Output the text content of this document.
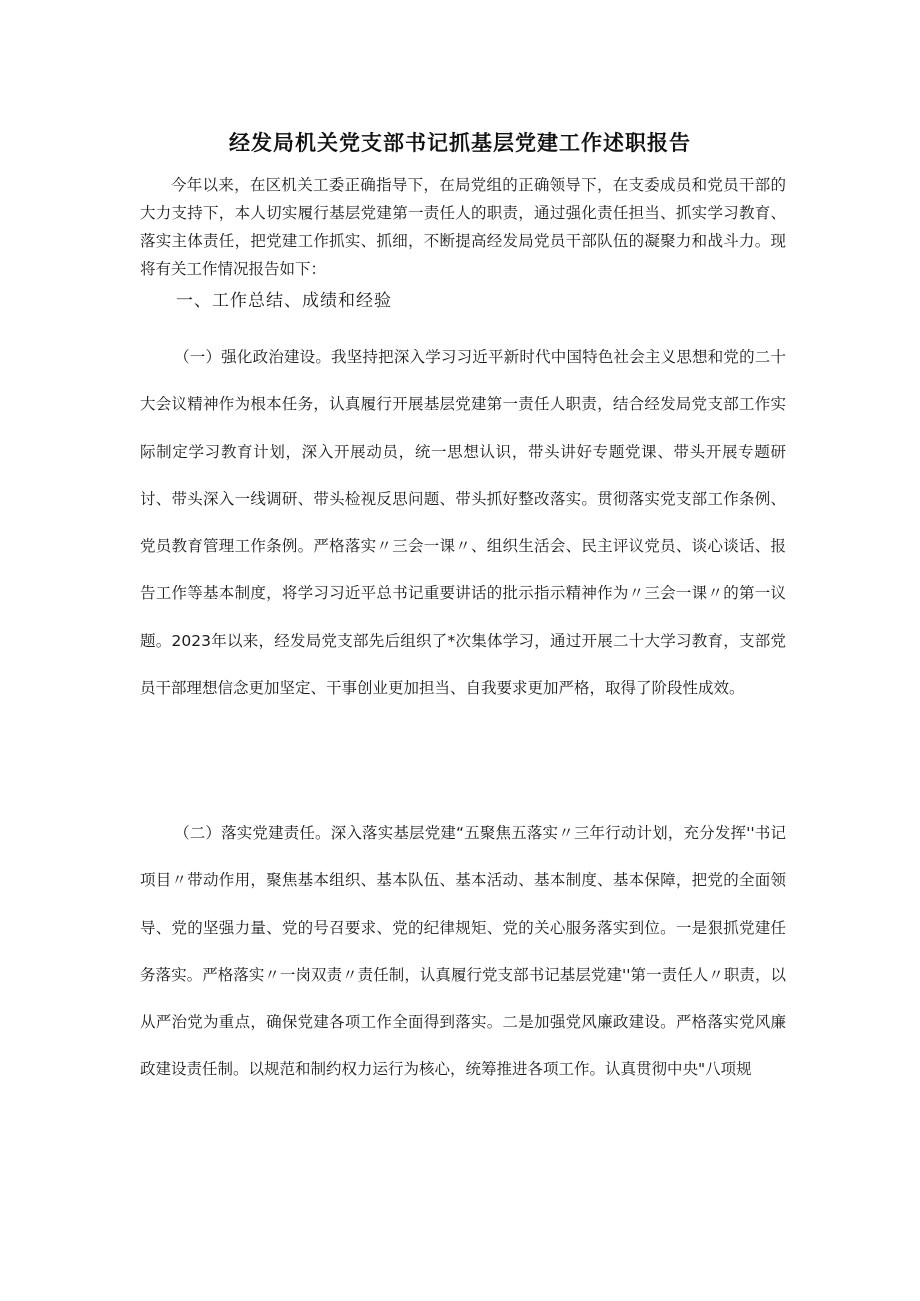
经发局机关党支部书记抓基层党建工作述职报告

今年以来，在区机关工委正确指导下，在局党组的正确领导下，在支委成员和党员干部的大力支持下，本人切实履行基层党建第一责任人的职责，通过强化责任担当、抓实学习教育、落实主体责任，把党建工作抓实、抓细，不断提高经发局党员干部队伍的凝聚力和战斗力。现将有关工作情况报告如下：

一、工作总结、成绩和经验

（一）强化政治建设。我坚持把深入学习习近平新时代中国特色社会主义思想和党的二十大会议精神作为根本任务，认真履行开展基层党建第一责任人职责，结合经发局党支部工作实际制定学习教育计划，深入开展动员，统一思想认识，带头讲好专题党课、带头开展专题研讨、带头深入一线调研、带头检视反思问题、带头抓好整改落实。贯彻落实党支部工作条例、党员教育管理工作条例。严格落实〃三会一课〃、组织生活会、民主评议党员、谈心谈话、报告工作等基本制度，将学习习近平总书记重要讲话的批示指示精神作为〃三会一课〃的第一议题。2023年以来，经发局党支部先后组织了*次集体学习，通过开展二十大学习教育，支部党员干部理想信念更加坚定、干事创业更加担当、自我要求更加严格，取得了阶段性成效。

（二）落实党建责任。深入落实基层党建“五聚焦五落实〃三年行动计划，充分发挥''书记项目〃带动作用，聚焦基本组织、基本队伍、基本活动、基本制度、基本保障，把党的全面领导、党的坚强力量、党的号召要求、党的纪律规矩、党的关心服务落实到位。一是狠抓党建任务落实。严格落实〃一岗双责〃责任制，认真履行党支部书记基层党建''第一责任人〃职责，以从严治党为重点，确保党建各项工作全面得到落实。二是加强党风廉政建设。严格落实党风廉政建设责任制。以规范和制约权力运行为核心，统筹推进各项工作。认真贯彻中央"八项规
